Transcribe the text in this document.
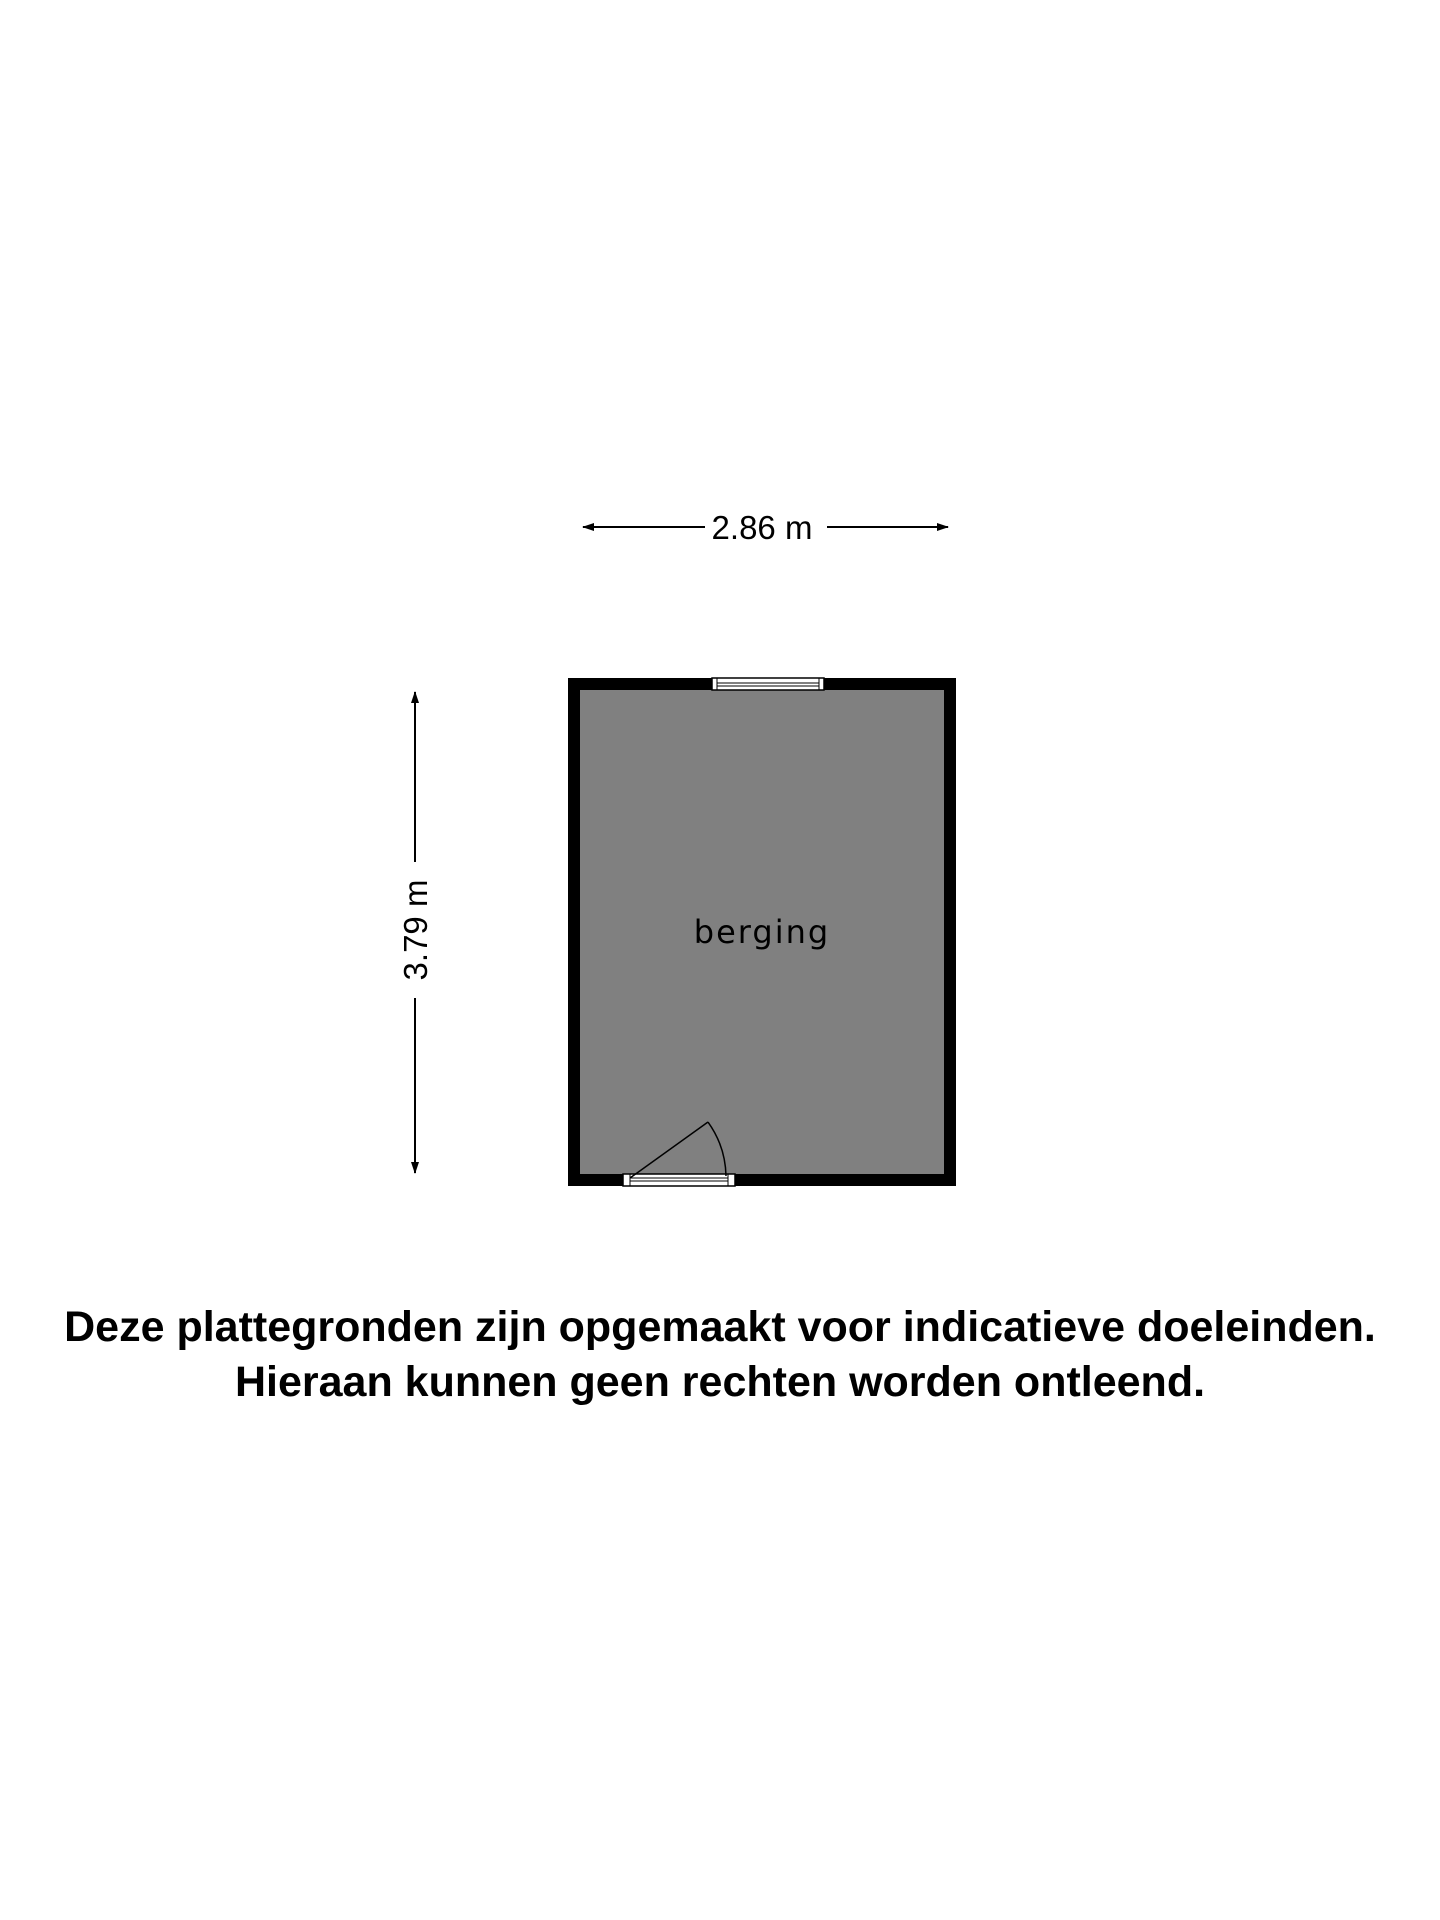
2.86 m
3.79 m	berging
Deze plattegronden zijn opgemaakt voor indicatieve doeleinden.
Hieraan kunnen geen rechten worden ontleend.
